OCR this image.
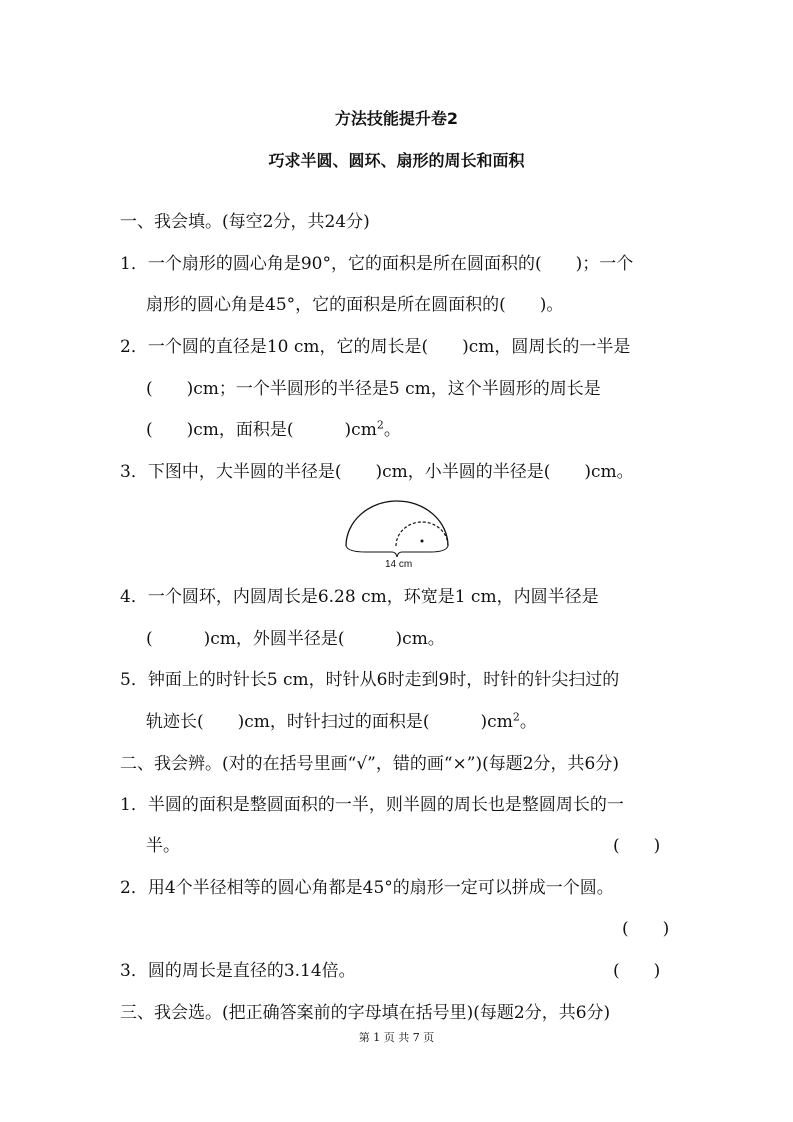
方法技能提升卷2
巧求半圆、圆环、扇形的周长和面积
一、我会填。(每空2分，共24分)
1．一个扇形的圆心角是90°，它的面积是所在圆面积的(　　)；一个
扇形的圆心角是45°，它的面积是所在圆面积的(　　)。
2．一个圆的直径是10 cm，它的周长是(　　)cm，圆周长的一半是
(　　)cm；一个半圆形的半径是5 cm，这个半圆形的周长是
(　　)cm，面积是(　　　)$cm^2$。
3．下图中，大半圆的半径是(　　)cm，小半圆的半径是(　　)cm。
14 cm
4．一个圆环，内圆周长是6.28 cm，环宽是1 cm，内圆半径是
(　　　)cm，外圆半径是(　　　)cm。
5．钟面上的时针长5 cm，时针从6时走到9时，时针的针尖扫过的
轨迹长(　　)cm，时针扫过的面积是(　　　)$cm^2$。
二、我会辨。(对的在括号里画“√”，错的画“×”)(每题2分，共6分)
1．半圆的面积是整圆面积的一半，则半圆的周长也是整圆周长的一
半。	(　　)
2．用4个半径相等的圆心角都是45°的扇形一定可以拼成一个圆。
(　　)
3．圆的周长是直径的3.14倍。	(　　)
三、我会选。(把正确答案前的字母填在括号里)(每题2分，共6分)
第 1 页 共 7 页
